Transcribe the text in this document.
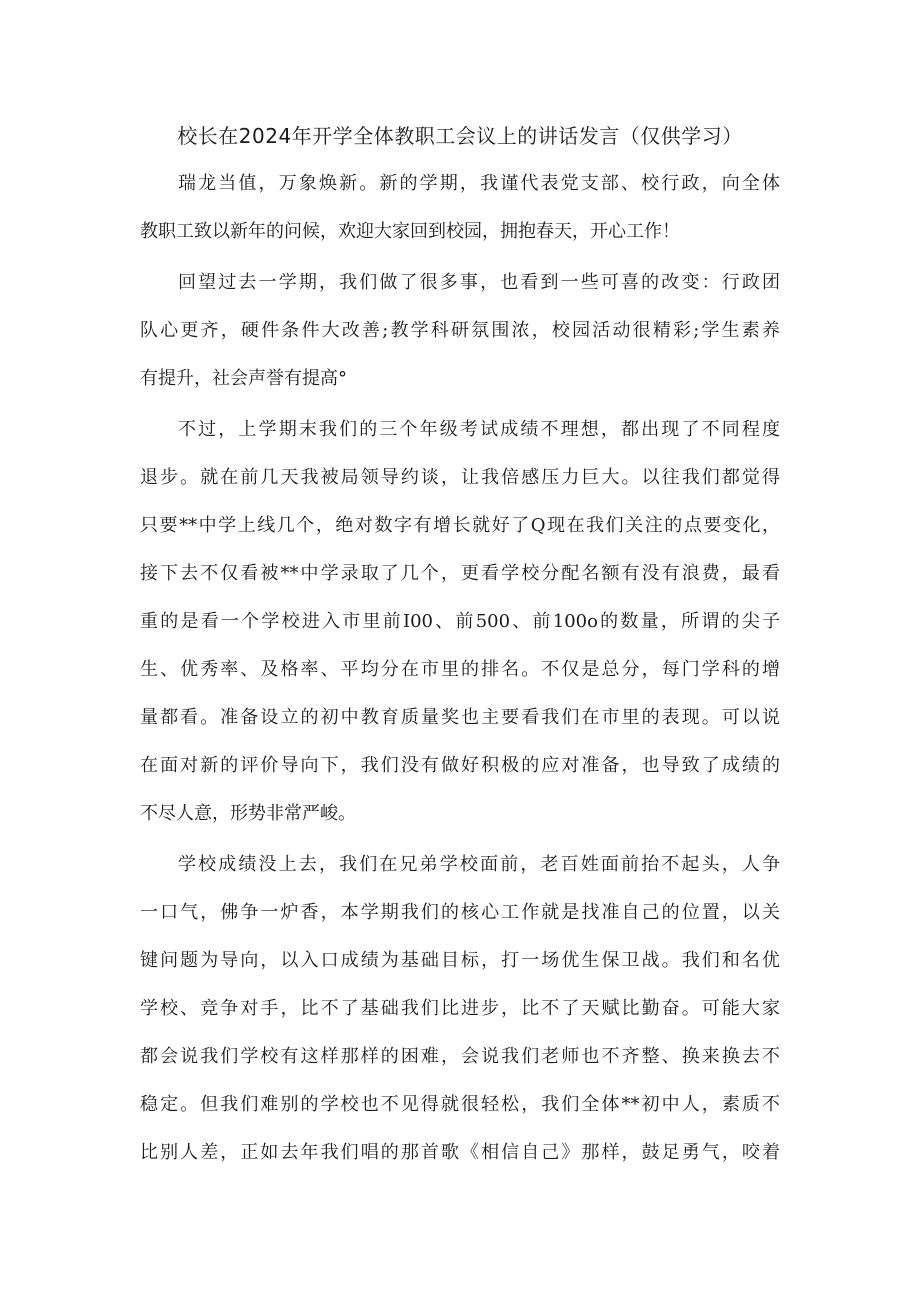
校长在2024年开学全体教职工会议上的讲话发言（仅供学习）
瑞龙当值，万象焕新。新的学期，我谨代表党支部、校行政，向全体
教职工致以新年的问候，欢迎大家回到校园，拥抱春天，开心工作！
回望过去一学期，我们做了很多事，也看到一些可喜的改变：行政团
队心更齐，硬件条件大改善;教学科研氛围浓，校园活动很精彩;学生素养
有提升，社会声誉有提高°
不过，上学期末我们的三个年级考试成绩不理想，都出现了不同程度
退步。就在前几天我被局领导约谈，让我倍感压力巨大。以往我们都觉得
只要**中学上线几个，绝对数字有增长就好了Q现在我们关注的点要变化，
接下去不仅看被**中学录取了几个，更看学校分配名额有没有浪费，最看
重的是看一个学校进入市里前I00、前500、前100o的数量，所谓的尖子
生、优秀率、及格率、平均分在市里的排名。不仅是总分，每门学科的增
量都看。准备设立的初中教育质量奖也主要看我们在市里的表现。可以说
在面对新的评价导向下，我们没有做好积极的应对准备，也导致了成绩的
不尽人意，形势非常严峻。
学校成绩没上去，我们在兄弟学校面前，老百姓面前抬不起头，人争
一口气，佛争一炉香，本学期我们的核心工作就是找准自己的位置，以关
键问题为导向，以入口成绩为基础目标，打一场优生保卫战。我们和名优
学校、竞争对手，比不了基础我们比进步，比不了天赋比勤奋。可能大家
都会说我们学校有这样那样的困难，会说我们老师也不齐整、换来换去不
稳定。但我们难别的学校也不见得就很轻松，我们全体**初中人，素质不
比别人差，正如去年我们唱的那首歌《相信自己》那样，鼓足勇气，咬着
